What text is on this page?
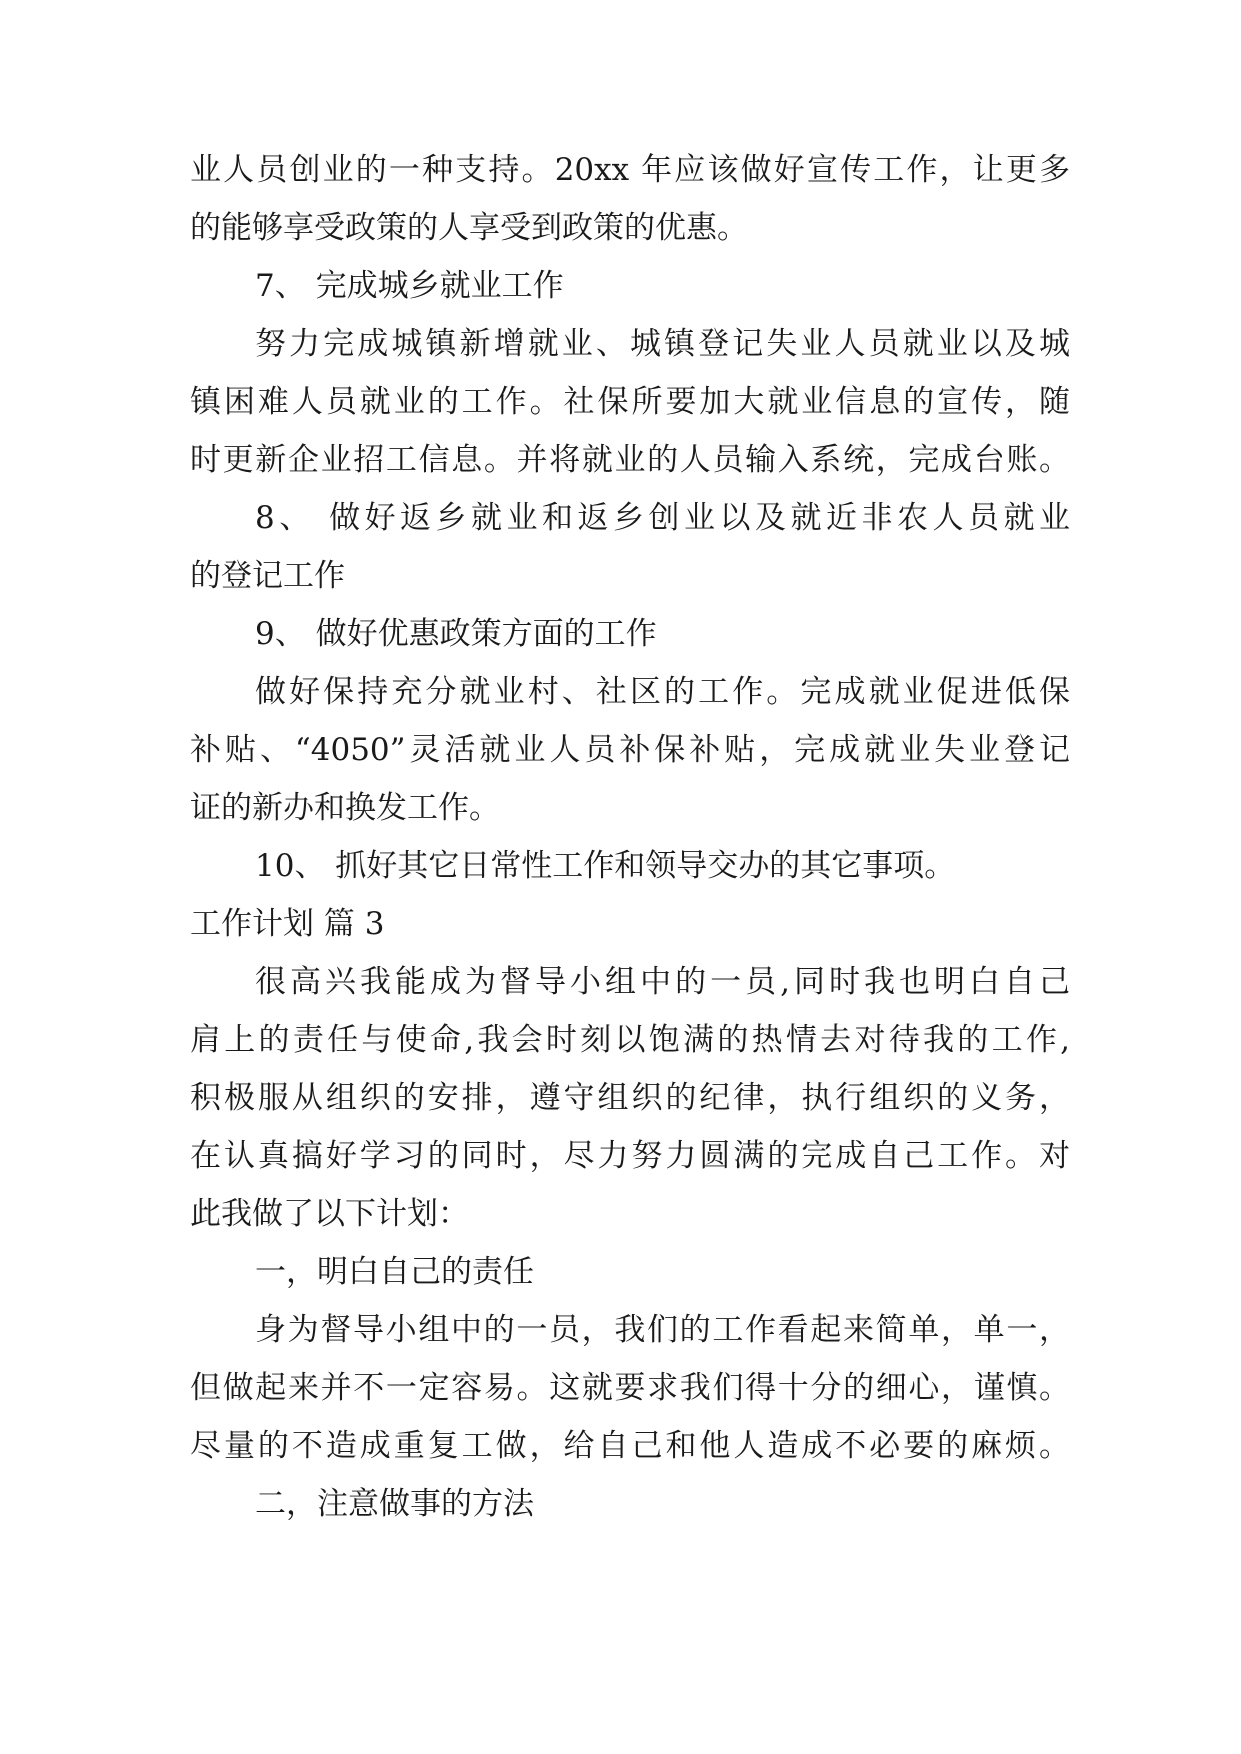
业人员创业的一种支持。20xx 年应该做好宣传工作，让更多
的能够享受政策的人享受到政策的优惠。
7、 完成城乡就业工作
努力完成城镇新增就业、城镇登记失业人员就业以及城
镇困难人员就业的工作。社保所要加大就业信息的宣传，随
时更新企业招工信息。并将就业的人员输入系统，完成台账。
8、 做好返乡就业和返乡创业以及就近非农人员就业
的登记工作
9、 做好优惠政策方面的工作
做好保持充分就业村、社区的工作。完成就业促进低保
补贴、“4050”灵活就业人员补保补贴，完成就业失业登记
证的新办和换发工作。
10、 抓好其它日常性工作和领导交办的其它事项。
工作计划 篇 3
很高兴我能成为督导小组中的一员,同时我也明白自己
肩上的责任与使命,我会时刻以饱满的热情去对待我的工作,
积极服从组织的安排，遵守组织的纪律，执行组织的义务，
在认真搞好学习的同时，尽力努力圆满的完成自己工作。对
此我做了以下计划：
一，明白自己的责任
身为督导小组中的一员，我们的工作看起来简单，单一，
但做起来并不一定容易。这就要求我们得十分的细心，谨慎。
尽量的不造成重复工做，给自己和他人造成不必要的麻烦。
二，注意做事的方法
